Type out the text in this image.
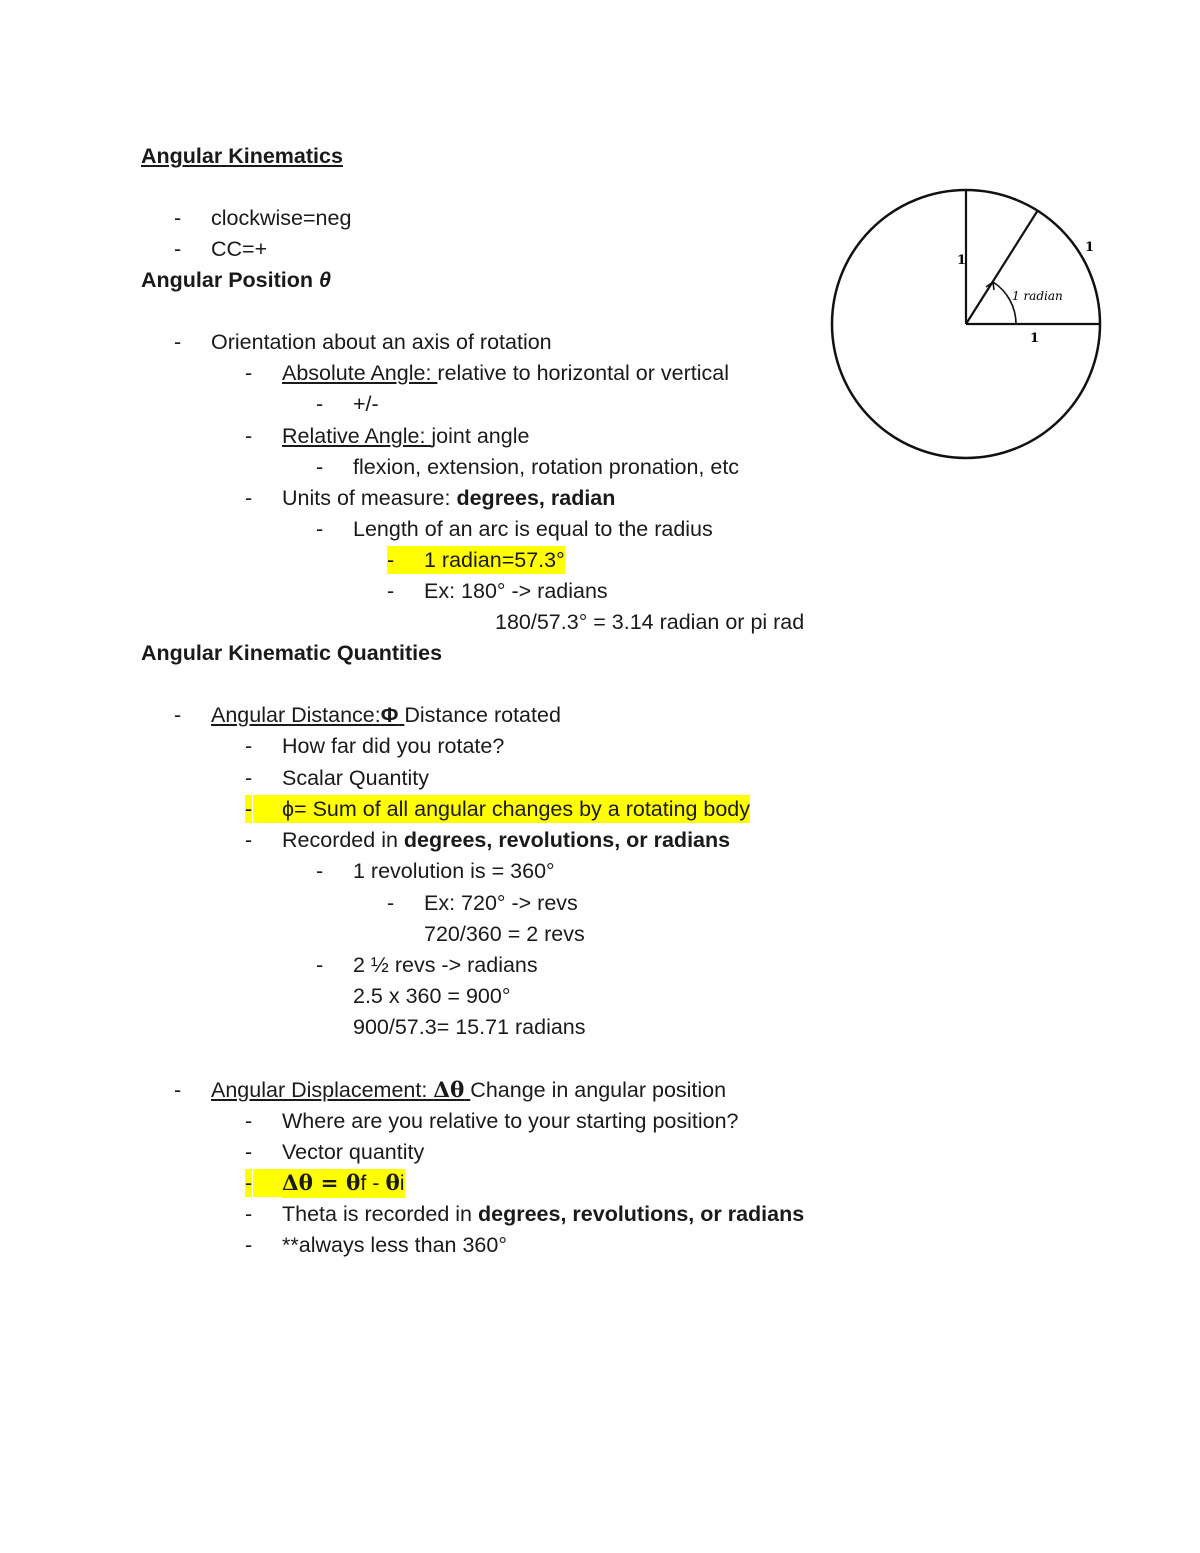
Angular Kinematics
- clockwise=neg
- CC=+
Angular Position θ
- Orientation about an axis of rotation
- Absolute Angle: relative to horizontal or vertical
- +/-
- Relative Angle: joint angle
- flexion, extension, rotation pronation, etc
- Units of measure: degrees, radian
- Length of an arc is equal to the radius
-
	1 radian=57.3°
- Ex: 180° -> radians
180/57.3° = 3.14 radian or pi rad
Angular Kinematic Quantities
- Angular Distance:Φ Distance rotated
- How far did you rotate?
- Scalar Quantity
-
ϕ= Sum of all angular changes by a rotating body
- Recorded in degrees, revolutions, or radians
- 1 revolution is = 360°
- Ex: 720° -> revs
720/360 = 2 revs
- 2 ½ revs -> radians
2.5 x 360 = 900°
900/57.3= 15.71 radians
- Angular Displacement: Δθ Change in angular position
- Where are you relative to your starting position?
- Vector quantity
-
Δθ = θf - θi
- Theta is recorded in degrees, revolutions, or radians
- **always less than 360°
1
1
1
1 radian
